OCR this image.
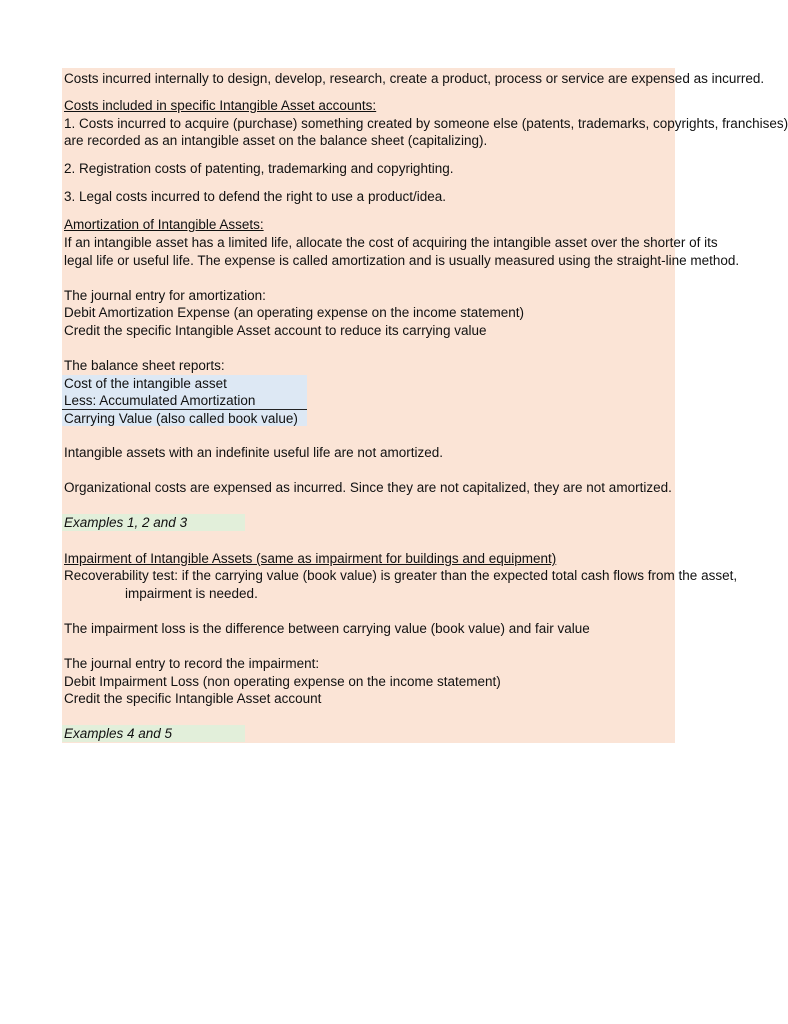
Costs incurred internally to design, develop, research, create a product, process or service are expensed as incurred.
Costs included in specific Intangible Asset accounts:
1. Costs incurred to acquire (purchase) something created by someone else (patents, trademarks, copyrights, franchises)
are recorded as an intangible asset on the balance sheet (capitalizing).
2. Registration costs of patenting, trademarking and copyrighting.
3. Legal costs incurred to defend the right to use a product/idea.
Amortization of Intangible Assets:
If an intangible asset has a limited life, allocate the cost of acquiring the intangible asset over the shorter of its
legal life or useful life. The expense is called amortization and is usually measured using the straight-line method.
The journal entry for amortization:
Debit Amortization Expense (an operating expense on the income statement)
Credit the specific Intangible Asset account to reduce its carrying value
The balance sheet reports:
Cost of the intangible asset
Less: Accumulated Amortization
Carrying Value (also called book value)
Intangible assets with an indefinite useful life are not amortized.
Organizational costs are expensed as incurred. Since they are not capitalized, they are not amortized.
Examples 1, 2 and 3
Impairment of Intangible Assets (same as impairment for buildings and equipment)
Recoverability test: if the carrying value (book value) is greater than the expected total cash flows from the asset,
impairment is needed.
The impairment loss is the difference between carrying value (book value) and fair value
The journal entry to record the impairment:
Debit Impairment Loss (non operating expense on the income statement)
Credit the specific Intangible Asset account
Examples 4 and 5
